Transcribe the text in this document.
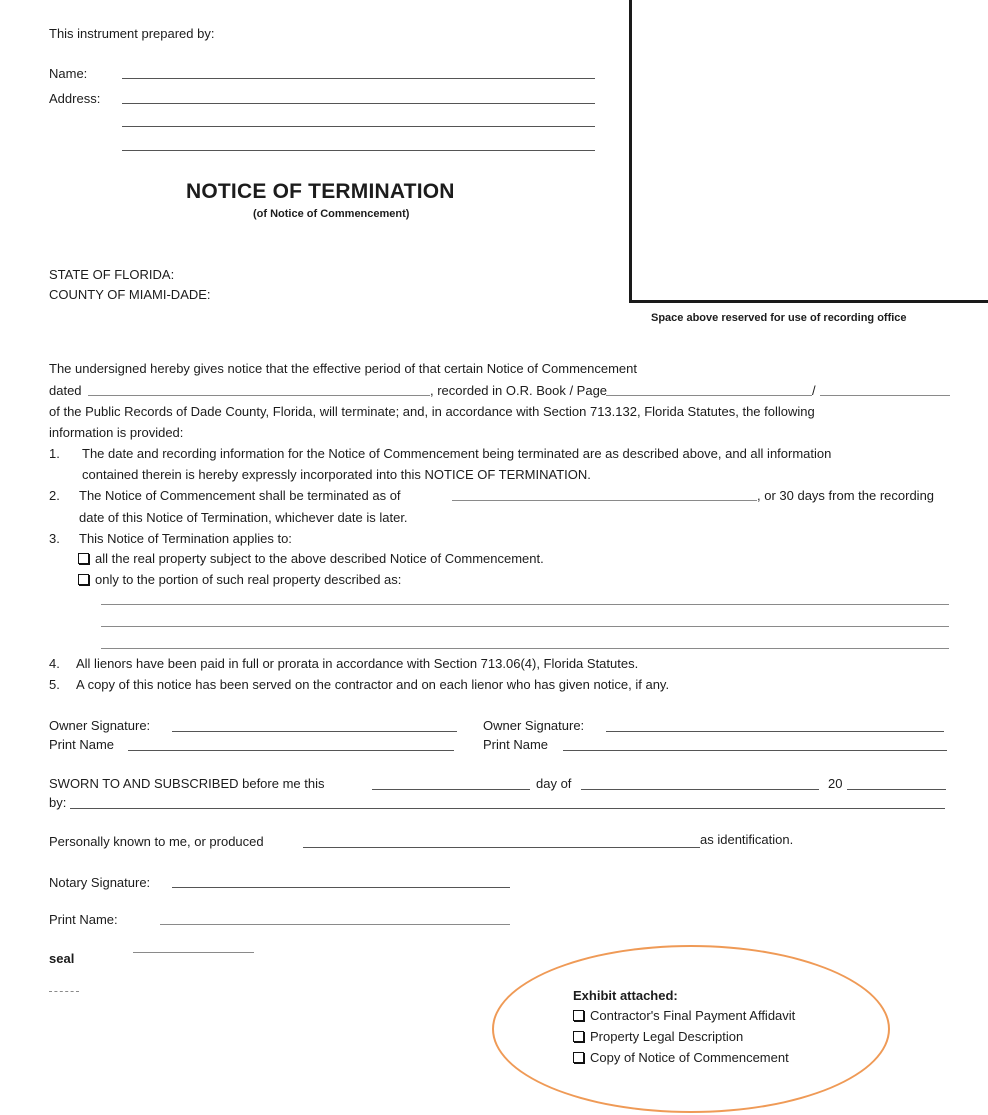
This instrument prepared by:
Name:
Address:
Space above reserved for use of recording office
NOTICE OF TERMINATION
(of Notice of Commencement)
STATE OF FLORIDA:
COUNTY OF MIAMI-DADE:
The undersigned hereby gives notice that the effective period of that certain Notice of Commencement
dated	, recorded in O.R. Book / Page	/
of the Public Records of Dade County, Florida, will terminate; and, in accordance with Section 713.132, Florida Statutes, the following
information is provided:
1. The date and recording information for the Notice of Commencement being terminated are as described above, and all information
contained therein is hereby expressly incorporated into this NOTICE OF TERMINATION.
2. The Notice of Commencement shall be terminated as of	, or 30 days from the recording
date of this Notice of Termination, whichever date is later.
3. This Notice of Termination applies to:
all the real property subject to the above described Notice of Commencement.
only to the portion of such real property described as:
4. All lienors have been paid in full or prorata in accordance with Section 713.06(4), Florida Statutes.
5. A copy of this notice has been served on the contractor and on each lienor who has given notice, if any.
Owner Signature:	Owner Signature:
Print Name	Print Name
SWORN TO AND SUBSCRIBED before me this	day of	20
by:
Personally known to me, or produced	as identification.
Notary Signature:
Print Name:
seal
Exhibit attached:
Contractor's Final Payment Affidavit
Property Legal Description
Copy of Notice of Commencement
